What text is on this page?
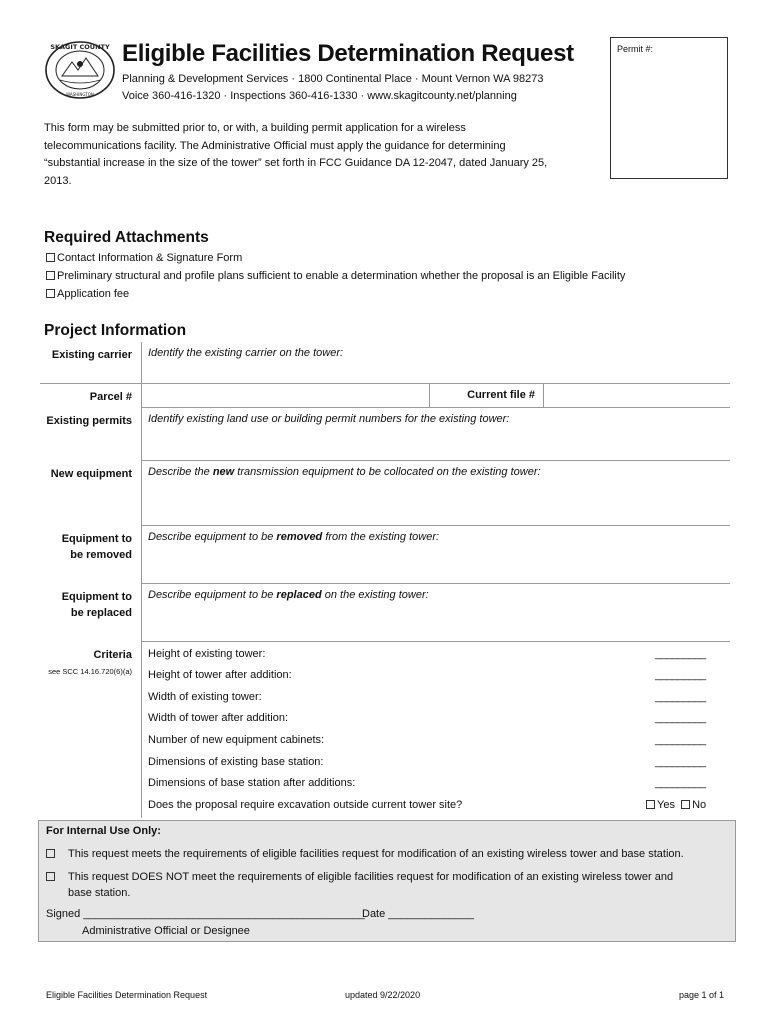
SKAGIT COUNTY
WASHINGTON
Eligible Facilities Determination Request
Planning & Development Services · 1800 Continental Place · Mount Vernon WA 98273
Voice 360-416-1320 · Inspections 360-416-1330 · www.skagitcounty.net/planning
Permit #:
This form may be submitted prior to, or with, a building permit application for a wireless
telecommunications facility. The Administrative Official must apply the guidance for determining
“substantial increase in the size of the tower” set forth in FCC Guidance DA 12-2047, dated January 25,
2013.
Required Attachments
Contact Information & Signature Form
Preliminary structural and profile plans sufficient to enable a determination whether the proposal is an Eligible Facility
Application fee
Project Information
Existing carrier Identify the existing carrier on the tower:
Parcel #	Current file #
Existing permits Identify existing land use or building permit numbers for the existing tower:
New equipment Describe the new transmission equipment to be collocated on the existing tower:
Equipment to
be removed
Describe equipment to be removed from the existing tower:
Equipment to
be replaced
Describe equipment to be replaced on the existing tower:
Criteria
see SCC 14.16.720(6)(a)
Height of existing tower:	_________
Height of tower after addition:	_________
Width of existing tower:	_________
Width of tower after addition:	_________
Number of new equipment cabinets:	_________
Dimensions of existing base station:	_________
Dimensions of base station after additions:	_________
Does the proposal require excavation outside current tower site?	Yes No
For Internal Use Only:
This request meets the requirements of eligible facilities request for modification of an existing wireless tower and base station.
This request DOES NOT meet the requirements of eligible facilities request for modification of an existing wireless tower and
base station.
Signed ______________________________________________
Date ______________
Administrative Official or Designee
Eligible Facilities Determination Request	updated 9/22/2020	page 1 of 1
